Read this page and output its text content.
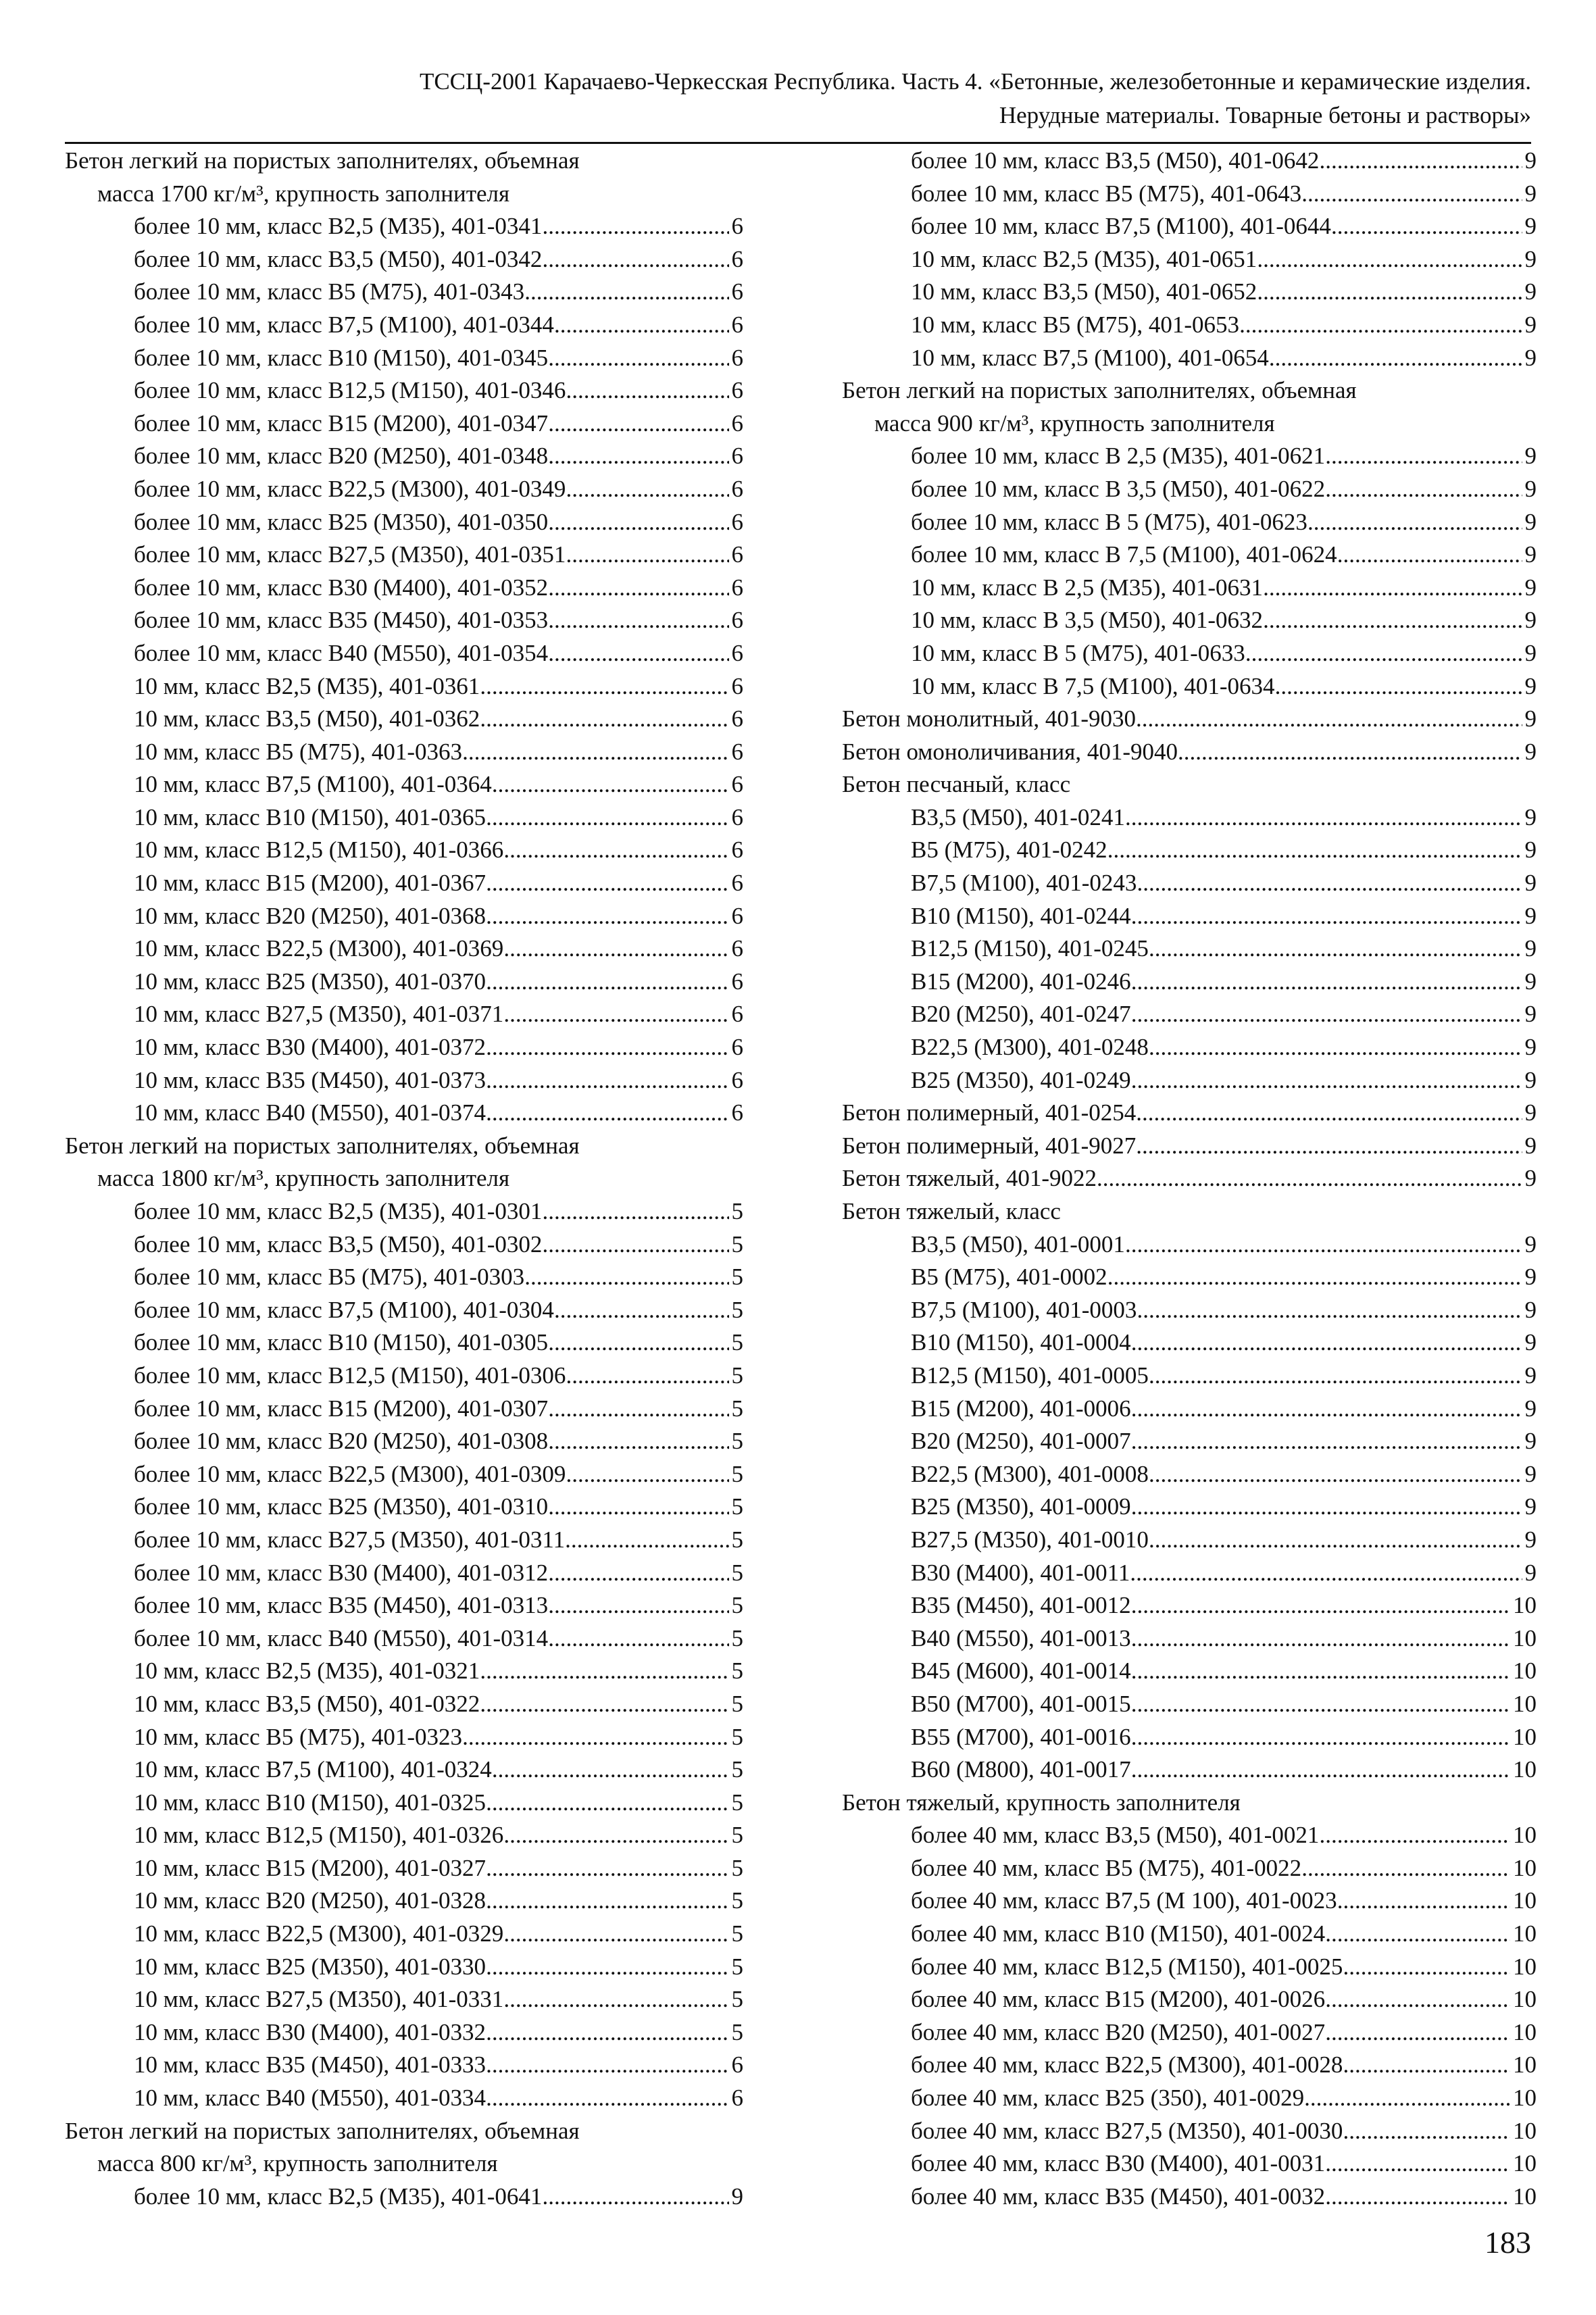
ТССЦ-2001 Карачаево-Черкесская Республика. Часть 4. «Бетонные, железобетонные и керамические изделия.
Нерудные материалы. Товарные бетоны и растворы»
Бетон легкий на пористых заполнителях, объемная
масса 1700 кг/м³, крупность заполнителя
более 10 мм, класс B2,5 (M35), 401-0341 .....	6
более 10 мм, класс B3,5 (M50), 401-0342 .....	6
более 10 мм, класс B5 (M75), 401-0343 .....	6
более 10 мм, класс B7,5 (M100), 401-0344 .....	6
более 10 мм, класс B10 (M150), 401-0345 .....	6
более 10 мм, класс B12,5 (M150), 401-0346 .....	6
более 10 мм, класс B15 (M200), 401-0347 .....	6
более 10 мм, класс B20 (M250), 401-0348 .....	6
более 10 мм, класс B22,5 (M300), 401-0349 .....	6
более 10 мм, класс B25 (M350), 401-0350 .....	6
более 10 мм, класс B27,5 (M350), 401-0351 .....	6
более 10 мм, класс B30 (M400), 401-0352 .....	6
более 10 мм, класс B35 (M450), 401-0353 .....	6
более 10 мм, класс B40 (M550), 401-0354 .....	6
10 мм, класс B2,5 (M35), 401-0361 .....	6
10 мм, класс B3,5 (M50), 401-0362 .....	6
10 мм, класс B5 (M75), 401-0363 .....	6
10 мм, класс B7,5 (M100), 401-0364 .....	6
10 мм, класс B10 (M150), 401-0365 .....	6
10 мм, класс B12,5 (M150), 401-0366 .....	6
10 мм, класс B15 (M200), 401-0367 .....	6
10 мм, класс B20 (M250), 401-0368 .....	6
10 мм, класс B22,5 (M300), 401-0369 .....	6
10 мм, класс B25 (M350), 401-0370 .....	6
10 мм, класс B27,5 (M350), 401-0371 .....	6
10 мм, класс B30 (M400), 401-0372 .....	6
10 мм, класс B35 (M450), 401-0373 .....	6
10 мм, класс B40 (M550), 401-0374 .....	6
Бетон легкий на пористых заполнителях, объемная
масса 1800 кг/м³, крупность заполнителя
более 10 мм, класс B2,5 (M35), 401-0301 .....	5
более 10 мм, класс B3,5 (M50), 401-0302 .....	5
более 10 мм, класс B5 (M75), 401-0303 .....	5
более 10 мм, класс B7,5 (M100), 401-0304 .....	5
более 10 мм, класс B10 (M150), 401-0305 .....	5
более 10 мм, класс B12,5 (M150), 401-0306 .....	5
более 10 мм, класс B15 (M200), 401-0307 .....	5
более 10 мм, класс B20 (M250), 401-0308 .....	5
более 10 мм, класс B22,5 (M300), 401-0309 .....	5
более 10 мм, класс B25 (M350), 401-0310 .....	5
более 10 мм, класс B27,5 (M350), 401-0311 .....	5
более 10 мм, класс B30 (M400), 401-0312 .....	5
более 10 мм, класс B35 (M450), 401-0313 .....	5
более 10 мм, класс B40 (M550), 401-0314 .....	5
10 мм, класс B2,5 (M35), 401-0321 .....	5
10 мм, класс B3,5 (M50), 401-0322 .....	5
10 мм, класс B5 (M75), 401-0323 .....	5
10 мм, класс B7,5 (M100), 401-0324 .....	5
10 мм, класс B10 (M150), 401-0325 .....	5
10 мм, класс B12,5 (M150), 401-0326 .....	5
10 мм, класс B15 (M200), 401-0327 .....	5
10 мм, класс B20 (M250), 401-0328 .....	5
10 мм, класс B22,5 (M300), 401-0329 .....	5
10 мм, класс B25 (M350), 401-0330 .....	5
10 мм, класс B27,5 (M350), 401-0331 .....	5
10 мм, класс B30 (M400), 401-0332 .....	5
10 мм, класс B35 (M450), 401-0333 .....	6
10 мм, класс B40 (M550), 401-0334 .....	6
Бетон легкий на пористых заполнителях, объемная
масса 800 кг/м³, крупность заполнителя
более 10 мм, класс B2,5 (M35), 401-0641 .....	9
более 10 мм, класс B3,5 (M50), 401-0642 .....	9
более 10 мм, класс B5 (M75), 401-0643 .....	9
более 10 мм, класс B7,5 (M100), 401-0644 .....	9
10 мм, класс B2,5 (M35), 401-0651 .....	9
10 мм, класс B3,5 (M50), 401-0652 .....	9
10 мм, класс B5 (M75), 401-0653 .....	9
10 мм, класс B7,5 (M100), 401-0654 .....	9
Бетон легкий на пористых заполнителях, объемная
масса 900 кг/м³, крупность заполнителя
более 10 мм, класс B 2,5 (M35), 401-0621 .....	9
более 10 мм, класс B 3,5 (M50), 401-0622 .....	9
более 10 мм, класс B 5 (M75), 401-0623 .....	9
более 10 мм, класс B 7,5 (M100), 401-0624 .....	9
10 мм, класс B 2,5 (M35), 401-0631 .....	9
10 мм, класс B 3,5 (M50), 401-0632 .....	9
10 мм, класс B 5 (M75), 401-0633 .....	9
10 мм, класс B 7,5 (M100), 401-0634 .....	9
Бетон монолитный, 401-9030 .....	9
Бетон омоноличивания, 401-9040 .....	9
Бетон песчаный, класс
B3,5 (M50), 401-0241 .....	9
B5 (M75), 401-0242 .....	9
B7,5 (M100), 401-0243 .....	9
B10 (M150), 401-0244 .....	9
B12,5 (M150), 401-0245 .....	9
B15 (M200), 401-0246 .....	9
B20 (M250), 401-0247 .....	9
B22,5 (M300), 401-0248 .....	9
B25 (M350), 401-0249 .....	9
Бетон полимерный, 401-0254 .....	9
Бетон полимерный, 401-9027 .....	9
Бетон тяжелый, 401-9022 .....	9
Бетон тяжелый, класс
B3,5 (M50), 401-0001 .....	9
B5 (M75), 401-0002 .....	9
B7,5 (M100), 401-0003 .....	9
B10 (M150), 401-0004 .....	9
B12,5 (M150), 401-0005 .....	9
B15 (M200), 401-0006 .....	9
B20 (M250), 401-0007 .....	9
B22,5 (M300), 401-0008 .....	9
B25 (M350), 401-0009 .....	9
B27,5 (M350), 401-0010 .....	9
B30 (M400), 401-0011 .....	9
B35 (M450), 401-0012 .....	10
B40 (M550), 401-0013 .....	10
B45 (M600), 401-0014 .....	10
B50 (M700), 401-0015 .....	10
B55 (M700), 401-0016 .....	10
B60 (M800), 401-0017 .....	10
Бетон тяжелый, крупность заполнителя
более 40 мм, класс B3,5 (M50), 401-0021 .....	10
более 40 мм, класс B5 (M75), 401-0022 .....	10
более 40 мм, класс B7,5 (M 100), 401-0023 .....	10
более 40 мм, класс B10 (M150), 401-0024 .....	10
более 40 мм, класс B12,5 (M150), 401-0025 .....	10
более 40 мм, класс B15 (M200), 401-0026 .....	10
более 40 мм, класс B20 (M250), 401-0027 .....	10
более 40 мм, класс B22,5 (M300), 401-0028 .....	10
более 40 мм, класс B25 (350), 401-0029 .....	10
более 40 мм, класс B27,5 (M350), 401-0030 .....	10
более 40 мм, класс B30 (M400), 401-0031 .....	10
более 40 мм, класс B35 (M450), 401-0032 .....	10
183
